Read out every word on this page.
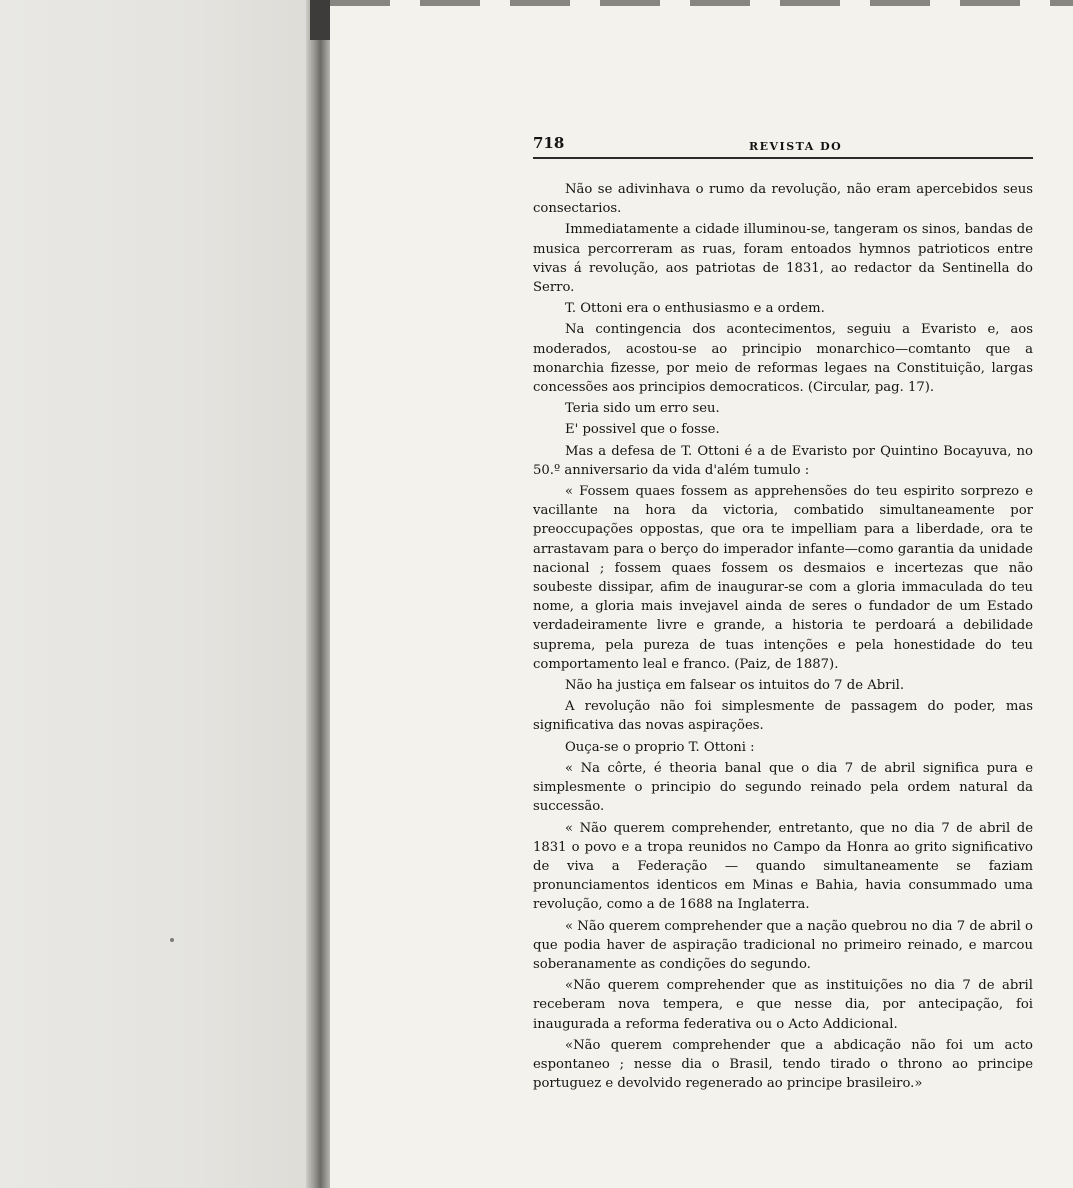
718	REVISTA DO

Não se adivinhava o rumo da revolução, não eram apercebidos seus consectarios.

Immediatamente a cidade illuminou-se, tangeram os sinos, bandas de musica percorreram as ruas, foram entoados hymnos patrioticos entre vivas á revolução, aos patriotas de 1831, ao redactor da Sentinella do Serro.

T. Ottoni era o enthusiasmo e a ordem.

Na contingencia dos acontecimentos, seguiu a Evaristo e, aos moderados, acostou-se ao principio monarchico—comtanto que a monarchia fizesse, por meio de reformas legaes na Constituição, largas concessões aos principios democraticos. (Circular, pag. 17).

Teria sido um erro seu.

E' possivel que o fosse.

Mas a defesa de T. Ottoni é a de Evaristo por Quintino Bocayuva, no 50.º anniversario da vida d'além tumulo :

« Fossem quaes fossem as apprehensões do teu espirito sorprezo e vacillante na hora da victoria, combatido simultaneamente por preoccupações oppostas, que ora te impelliam para a liberdade, ora te arrastavam para o berço do imperador infante—como garantia da unidade nacional ; fossem quaes fossem os desmaios e incertezas que não soubeste dissipar, afim de inaugurar-se com a gloria immaculada do teu nome, a gloria mais invejavel ainda de seres o fundador de um Estado verdadeiramente livre e grande, a historia te perdoará a debilidade suprema, pela pureza de tuas intenções e pela honestidade do teu comportamento leal e franco. (Paiz, de 1887).

Não ha justiça em falsear os intuitos do 7 de Abril.

A revolução não foi simplesmente de passagem do poder, mas significativa das novas aspirações.

Ouça-se o proprio T. Ottoni :

« Na côrte, é theoria banal que o dia 7 de abril significa pura e simplesmente o principio do segundo reinado pela ordem natural da successão.

« Não querem comprehender, entretanto, que no dia 7 de abril de 1831 o povo e a tropa reunidos no Campo da Honra ao grito significativo de viva a Federação — quando simultaneamente se faziam pronunciamentos identicos em Minas e Bahia, havia consummado uma revolução, como a de 1688 na Inglaterra.

« Não querem comprehender que a nação quebrou no dia 7 de abril o que podia haver de aspiração tradicional no primeiro reinado, e marcou soberanamente as condições do segundo.

«Não querem comprehender que as instituições no dia 7 de abril receberam nova tempera, e que nesse dia, por antecipação, foi inaugurada a reforma federativa ou o Acto Addicional.

«Não querem comprehender que a abdicação não foi um acto espontaneo ; nesse dia o Brasil, tendo tirado o throno ao principe portuguez e devolvido regenerado ao principe brasileiro.»
